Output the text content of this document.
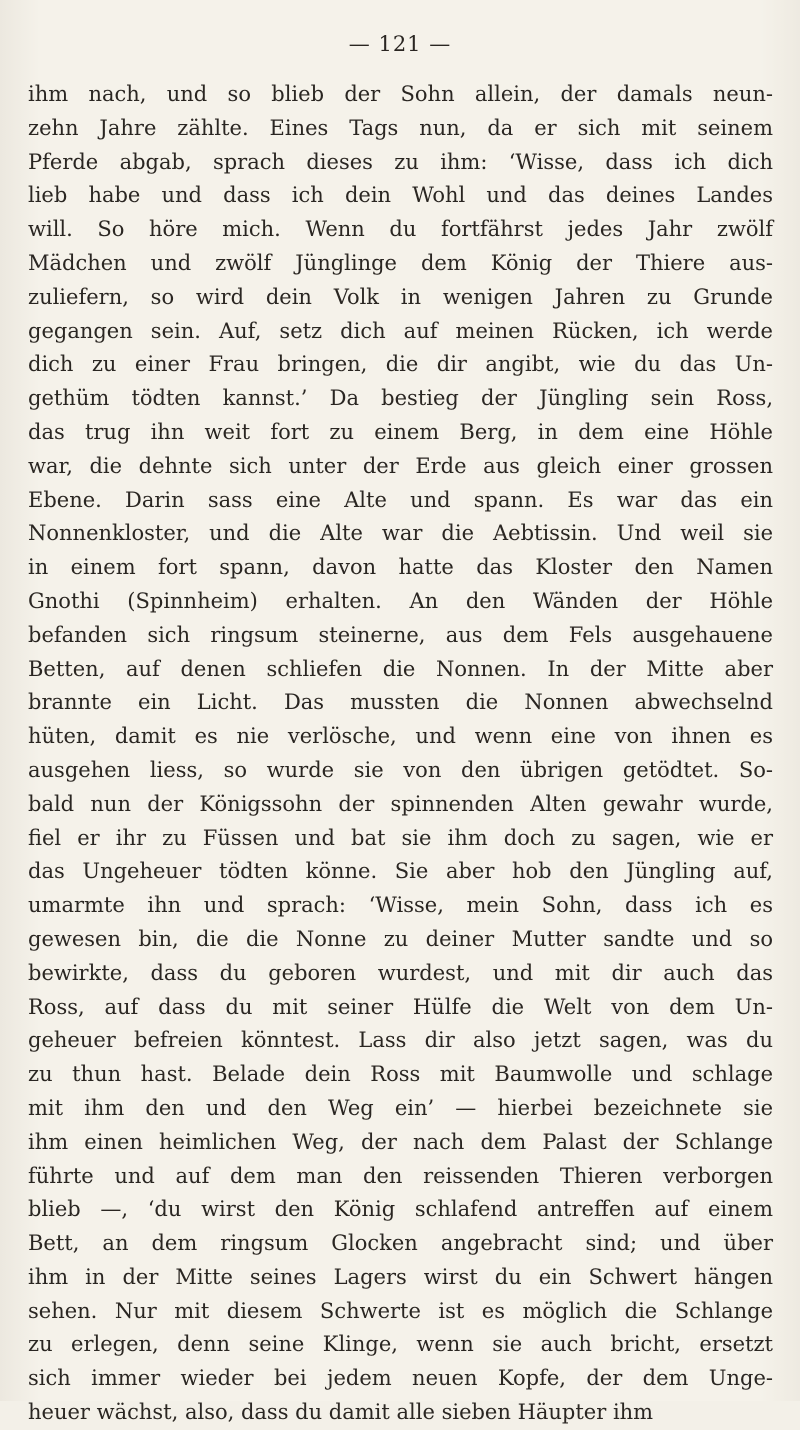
— 121 —
ihm nach, und so blieb der Sohn allein, der damals neun-
zehn Jahre zählte. Eines Tags nun, da er sich mit seinem
Pferde abgab, sprach dieses zu ihm: ‘Wisse, dass ich dich
lieb habe und dass ich dein Wohl und das deines Landes
will. So höre mich. Wenn du fortfährst jedes Jahr zwölf
Mädchen und zwölf Jünglinge dem König der Thiere aus-
zuliefern, so wird dein Volk in wenigen Jahren zu Grunde
gegangen sein. Auf, setz dich auf meinen Rücken, ich werde
dich zu einer Frau bringen, die dir angibt, wie du das Un-
gethüm tödten kannst.’ Da bestieg der Jüngling sein Ross,
das trug ihn weit fort zu einem Berg, in dem eine Höhle
war, die dehnte sich unter der Erde aus gleich einer grossen
Ebene. Darin sass eine Alte und spann. Es war das ein
Nonnenkloster, und die Alte war die Aebtissin. Und weil sie
in einem fort spann, davon hatte das Kloster den Namen
Gnothi (Spinnheim) erhalten. An den Wänden der Höhle
befanden sich ringsum steinerne, aus dem Fels ausgehauene
Betten, auf denen schliefen die Nonnen. In der Mitte aber
brannte ein Licht. Das mussten die Nonnen abwechselnd
hüten, damit es nie verlösche, und wenn eine von ihnen es
ausgehen liess, so wurde sie von den übrigen getödtet. So-
bald nun der Königssohn der spinnenden Alten gewahr wurde,
fiel er ihr zu Füssen und bat sie ihm doch zu sagen, wie er
das Ungeheuer tödten könne. Sie aber hob den Jüngling auf,
umarmte ihn und sprach: ‘Wisse, mein Sohn, dass ich es
gewesen bin, die die Nonne zu deiner Mutter sandte und so
bewirkte, dass du geboren wurdest, und mit dir auch das
Ross, auf dass du mit seiner Hülfe die Welt von dem Un-
geheuer befreien könntest. Lass dir also jetzt sagen, was du
zu thun hast. Belade dein Ross mit Baumwolle und schlage
mit ihm den und den Weg ein’ — hierbei bezeichnete sie
ihm einen heimlichen Weg, der nach dem Palast der Schlange
führte und auf dem man den reissenden Thieren verborgen
blieb —, ‘du wirst den König schlafend antreffen auf einem
Bett, an dem ringsum Glocken angebracht sind; und über
ihm in der Mitte seines Lagers wirst du ein Schwert hängen
sehen. Nur mit diesem Schwerte ist es möglich die Schlange
zu erlegen, denn seine Klinge, wenn sie auch bricht, ersetzt
sich immer wieder bei jedem neuen Kopfe, der dem Unge-
heuer wächst, also, dass du damit alle sieben Häupter ihm
